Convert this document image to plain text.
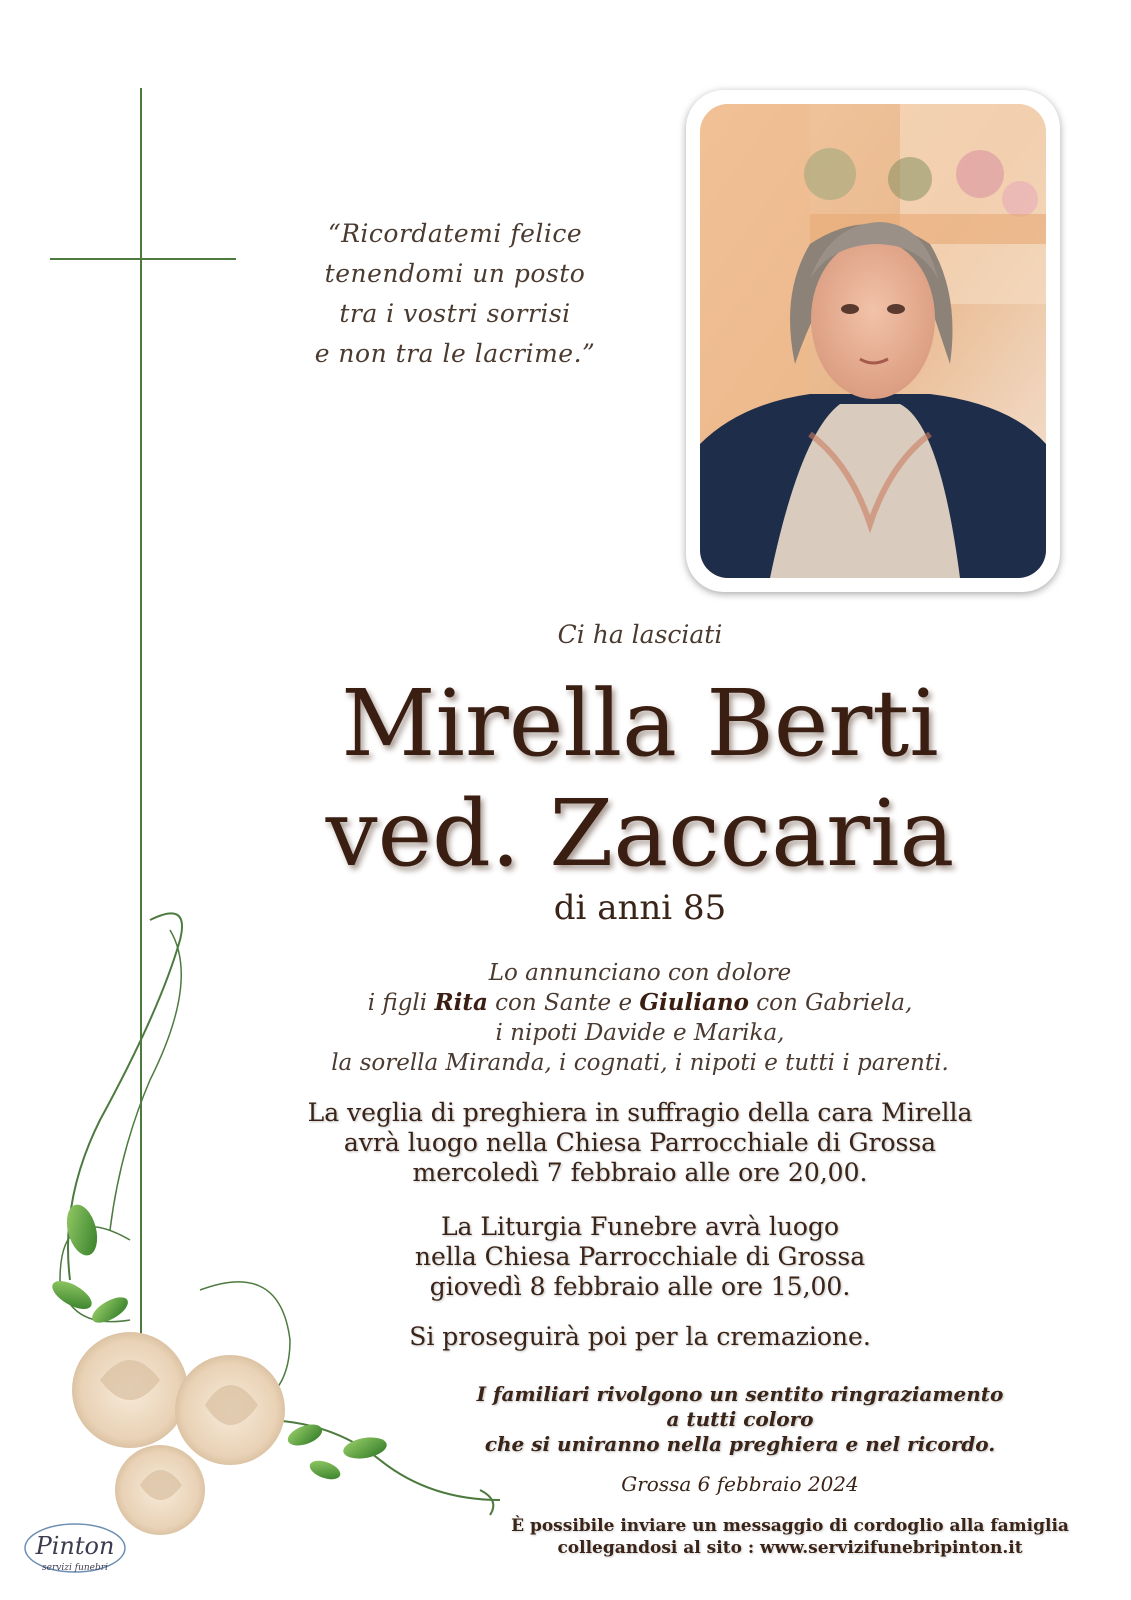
“Ricordatemi felice
tenendomi un posto
tra i vostri sorrisi
e non tra le lacrime.”
Ci ha lasciati
Mirella Berti
ved. Zaccaria
di anni 85
Lo annunciano con dolore
i figli Rita con Sante e Giuliano con Gabriela,
i nipoti Davide e Marika,
la sorella Miranda, i cognati, i nipoti e tutti i parenti.
La veglia di preghiera in suffragio della cara Mirella
avrà luogo nella Chiesa Parrocchiale di Grossa
mercoledì 7 febbraio alle ore 20,00.
La Liturgia Funebre avrà luogo
nella Chiesa Parrocchiale di Grossa
giovedì 8 febbraio alle ore 15,00.
Si proseguirà poi per la cremazione.
I familiari rivolgono un sentito ringraziamento
a tutti coloro
che si uniranno nella preghiera e nel ricordo.
Grossa 6 febbraio 2024
È possibile inviare un messaggio di cordoglio alla famiglia
collegandosi al sito : www.servizifunebripinton.it
Pinton
servizi funebri
